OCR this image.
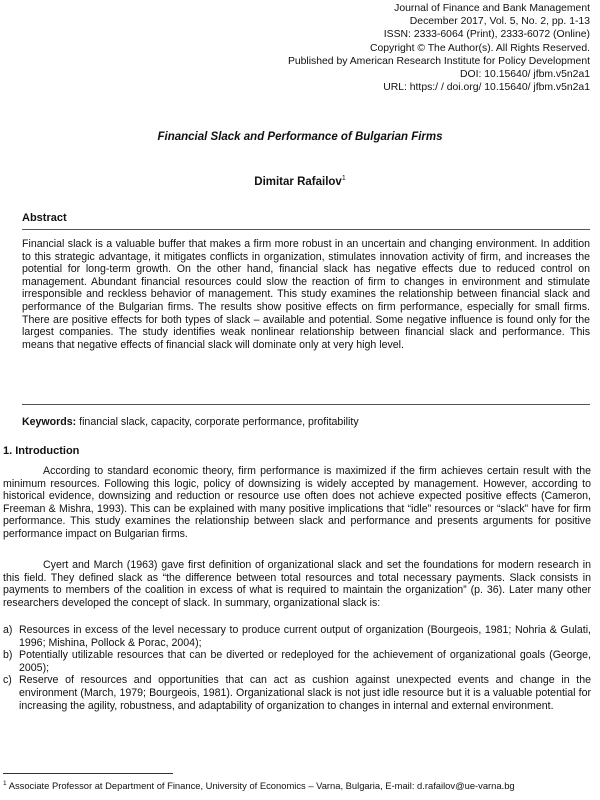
Journal of Finance and Bank Management
December 2017, Vol. 5, No. 2, pp. 1-13
ISSN: 2333-6064 (Print), 2333-6072 (Online)
Copyright © The Author(s). All Rights Reserved.
Published by American Research Institute for Policy Development
DOI: 10.15640/ jfbm.v5n2a1
URL: https:/ / doi.org/ 10.15640/ jfbm.v5n2a1
Financial Slack and Performance of Bulgarian Firms
Dimitar Rafailov$^1$
Abstract
Financial slack is a valuable buffer that makes a firm more robust in an uncertain and changing environment. In addition to this strategic advantage, it mitigates conflicts in organization, stimulates innovation activity of firm, and increases the potential for long-term growth. On the other hand, financial slack has negative effects due to reduced control on management. Abundant financial resources could slow the reaction of firm to changes in environment and stimulate irresponsible and reckless behavior of management. This study examines the relationship between financial slack and performance of the Bulgarian firms. The results show positive effects on firm performance, especially for small firms. There are positive effects for both types of slack – available and potential. Some negative influence is found only for the largest companies. The study identifies weak nonlinear relationship between financial slack and performance. This means that negative effects of financial slack will dominate only at very high level.
Keywords: financial slack, capacity, corporate performance, profitability
1. Introduction
According to standard economic theory, firm performance is maximized if the firm achieves certain result with the minimum resources. Following this logic, policy of downsizing is widely accepted by management. However, according to historical evidence, downsizing and reduction or resource use often does not achieve expected positive effects (Cameron, Freeman & Mishra, 1993). This can be explained with many positive implications that “idle” resources or “slack” have for firm performance. This study examines the relationship between slack and performance and presents arguments for positive performance impact on Bulgarian firms.
Cyert and March (1963) gave first definition of organizational slack and set the foundations for modern research in this field. They defined slack as “the difference between total resources and total necessary payments. Slack consists in payments to members of the coalition in excess of what is required to maintain the organization” (p. 36). Later many other researchers developed the concept of slack. In summary, organizational slack is:
a) Resources in excess of the level necessary to produce current output of organization (Bourgeois, 1981; Nohria & Gulati, 1996; Mishina, Pollock & Porac, 2004);
b) Potentially utilizable resources that can be diverted or redeployed for the achievement of organizational goals (George, 2005);
c) Reserve of resources and opportunities that can act as cushion against unexpected events and change in the environment (March, 1979; Bourgeois, 1981). Organizational slack is not just idle resource but it is a valuable potential for increasing the agility, robustness, and adaptability of organization to changes in internal and external environment.
$^1$ Associate Professor at Department of Finance, University of Economics – Varna, Bulgaria, E-mail: d.rafailov@ue-varna.bg
